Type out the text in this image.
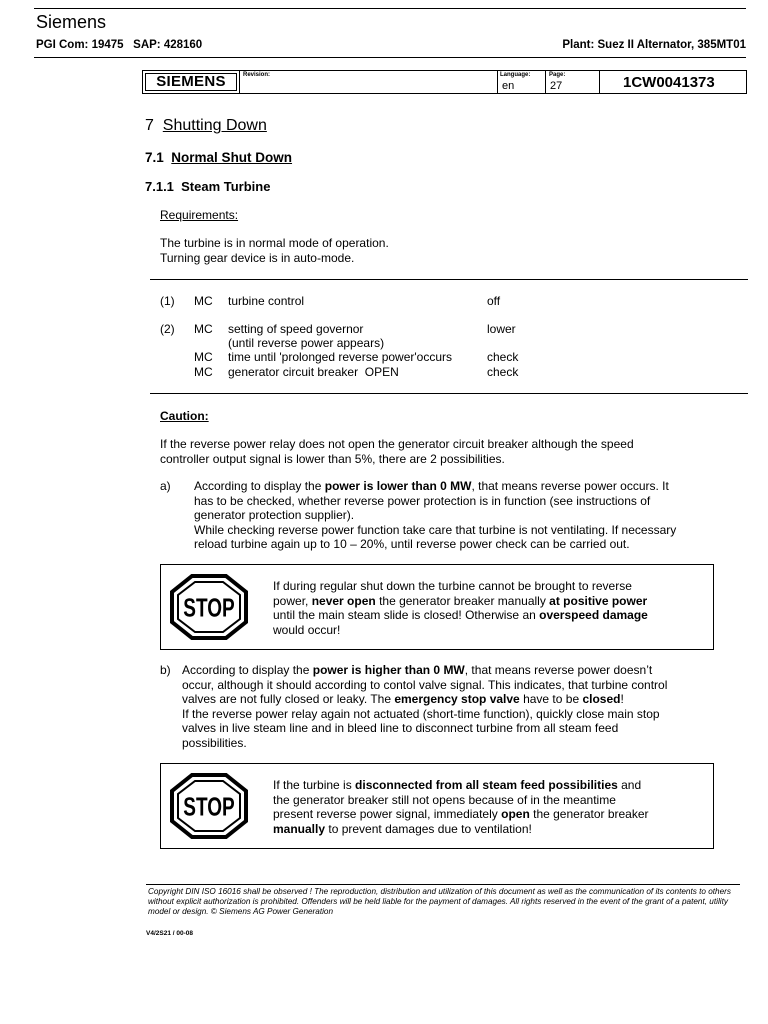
Siemens
PGI Com: 19475   SAP: 428160	Plant: Suez II Alternator, 385MT01
SIEMENS	Revision:	Language:
en
Page:
27	1CW0041373
7 Shutting Down
7.1 Normal Shut Down
7.1.1  Steam Turbine
Requirements:
The turbine is in normal mode of operation.
Turning gear device is in auto-mode.
(1) MC turbine control	off
(2) MC setting of speed governor	lower
(until reverse power appears)
MC time until 'prolonged reverse power'occurs	check
MC generator circuit breaker  OPEN	check
Caution:
If the reverse power relay does not open the generator circuit breaker although the speed
controller output signal is lower than 5%, there are 2 possibilities.
a) According to display the power is lower than 0 MW, that means reverse power occurs. It
has to be checked, whether reverse power protection is in function (see instructions of
generator protection supplier).
While checking reverse power function take care that turbine is not ventilating. If necessary
reload turbine again up to 10 – 20%, until reverse power check can be carried out.
STOP
If during regular shut down the turbine cannot be brought to reverse
power, never open the generator breaker manually at positive power
until the main steam slide is closed! Otherwise an overspeed damage
would occur!
b) According to display the power is higher than 0 MW, that means reverse power doesn’t
occur, although it should according to contol valve signal. This indicates, that turbine control
valves are not fully closed or leaky. The emergency stop valve have to be closed!
If the reverse power relay again not actuated (short-time function), quickly close main stop
valves in live steam line and in bleed line to disconnect turbine from all steam feed
possibilities.
STOP
If the turbine is disconnected from all steam feed possibilities and
the generator breaker still not opens because of in the meantime
present reverse power signal, immediately open the generator breaker
manually to prevent damages due to ventilation!
Copyright DIN ISO 16016 shall be observed ! The reproduction, distribution and utilization of this document as well as the communication of its contents to others without explicit authorization is prohibited. Offenders will be held liable for the payment of damages. All rights reserved in the event of the grant of a patent, utility model or design. © Siemens AG Power Generation
V4/2S21 / 00-08
